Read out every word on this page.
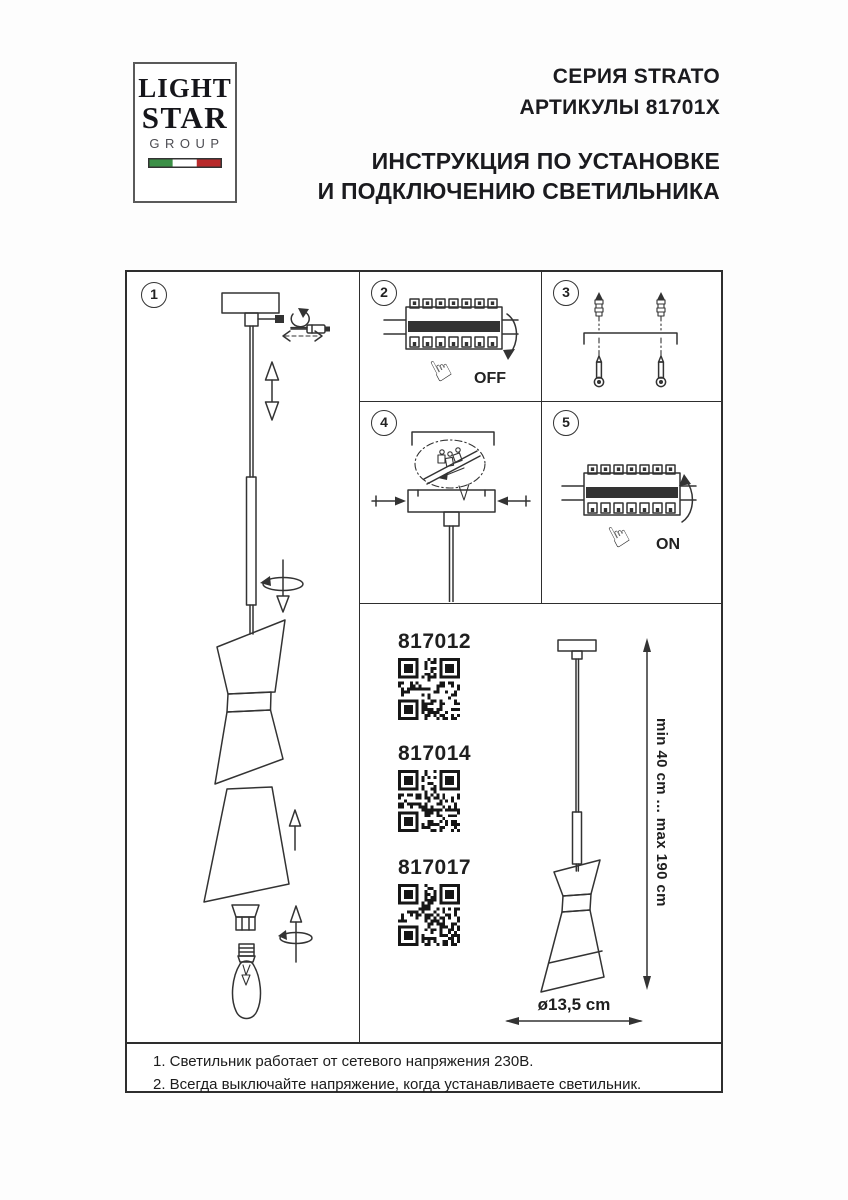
LIGHT
STAR
GROUP
СЕРИЯ STRATO
АРТИКУЛЫ 81701X
ИНСТРУКЦИЯ ПО УСТАНОВКЕ
И ПОДКЛЮЧЕНИЮ СВЕТИЛЬНИКА
1	2
☞ OFF
3
4	5
☞ ON
817012
817014
817017	min 40 cm ... max 190 cm
ø13,5 cm
1. Светильник работает от сетевого напряжения 230В.
2. Всегда выключайте напряжение, когда устанавливаете светильник.
